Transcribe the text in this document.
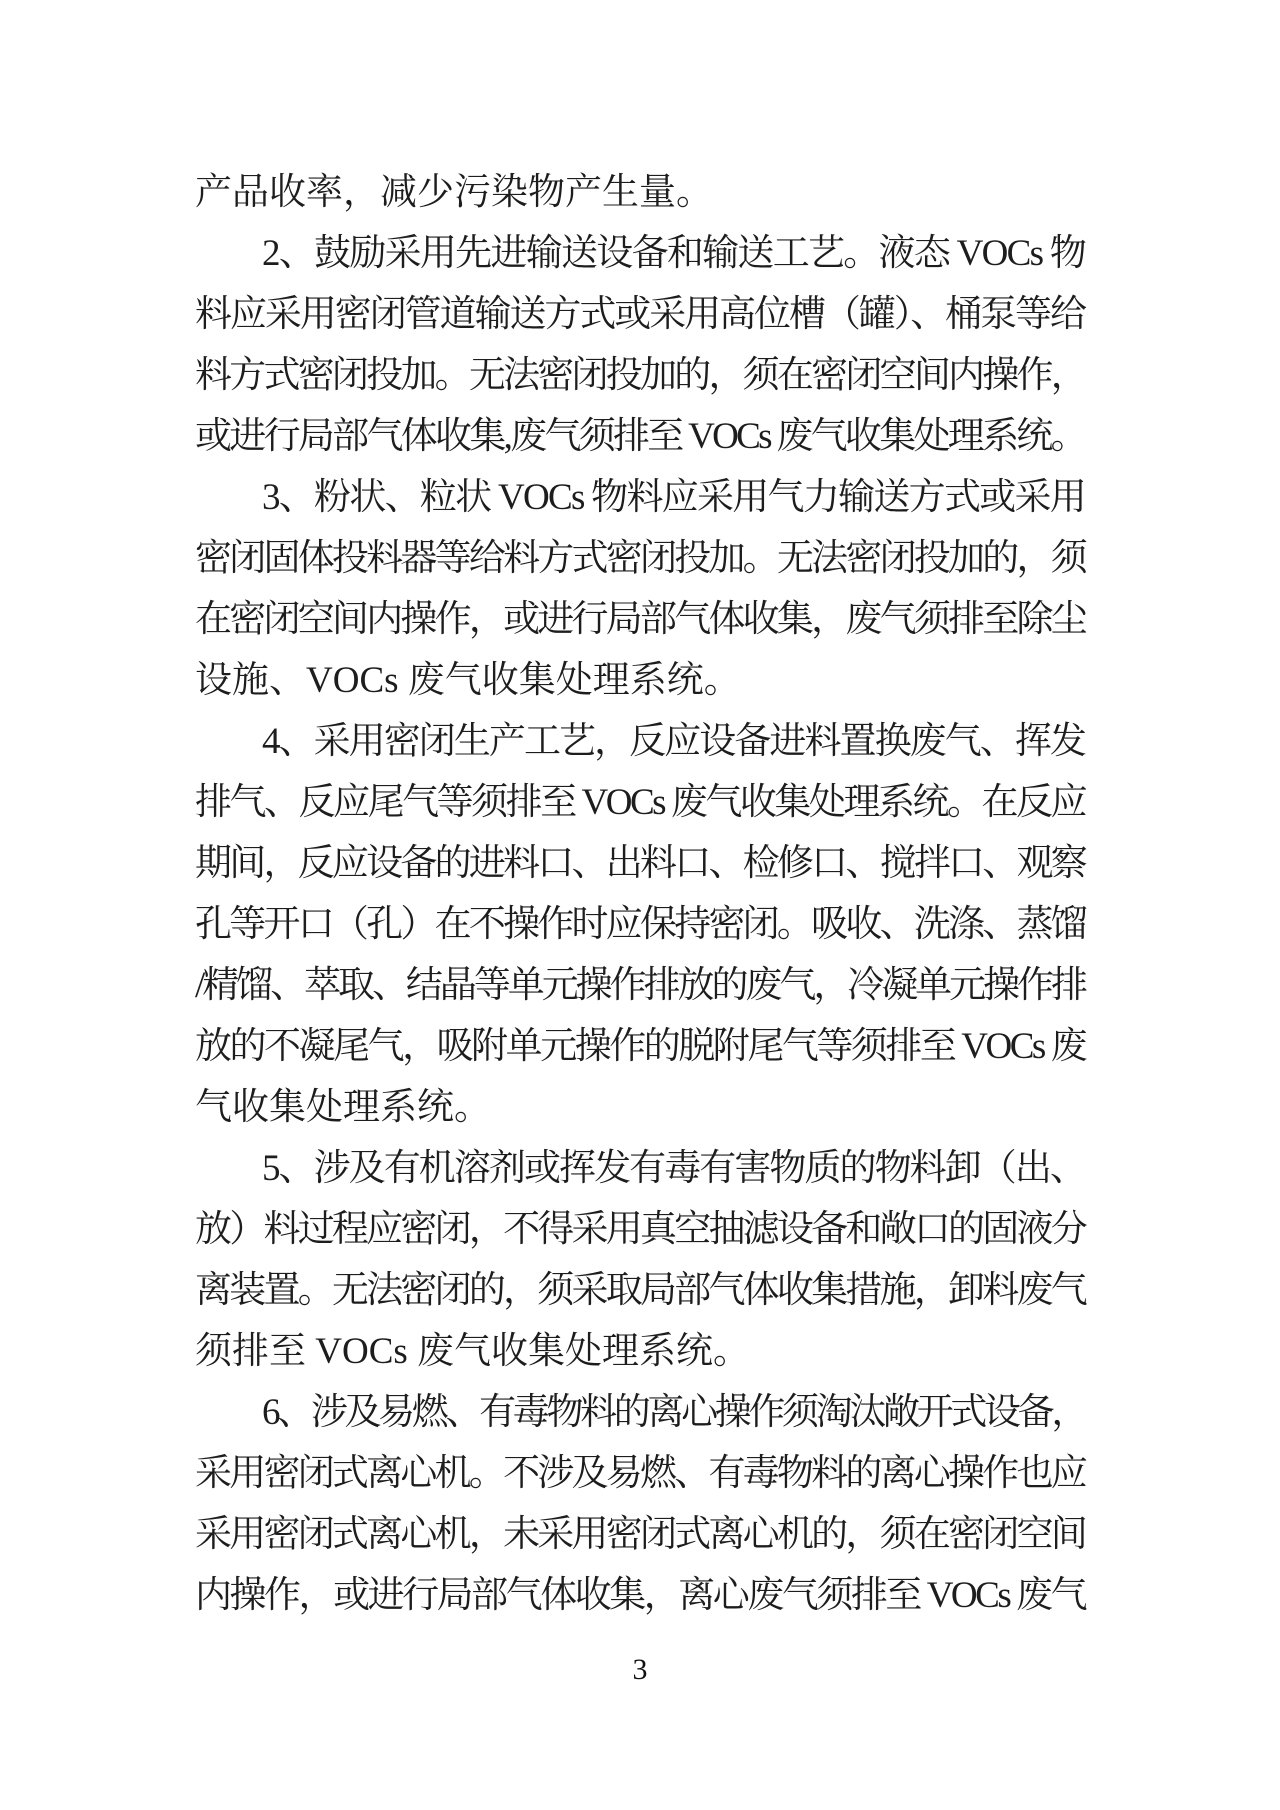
产品收率，减少污染物产生量。
2、鼓励采用先进输送设备和输送工艺。液态 VOCs 物
料应采用密闭管道输送方式或采用高位槽（罐）、桶泵等给
料方式密闭投加。无法密闭投加的，须在密闭空间内操作，
或进行局部气体收集,废气须排至 VOCs 废气收集处理系统。
3、粉状、粒状 VOCs 物料应采用气力输送方式或采用
密闭固体投料器等给料方式密闭投加。无法密闭投加的，须
在密闭空间内操作，或进行局部气体收集，废气须排至除尘
设施、VOCs 废气收集处理系统。
4、采用密闭生产工艺，反应设备进料置换废气、挥发
排气、反应尾气等须排至 VOCs 废气收集处理系统。在反应
期间，反应设备的进料口、出料口、检修口、搅拌口、观察
孔等开口（孔）在不操作时应保持密闭。吸收、洗涤、蒸馏
/精馏、萃取、结晶等单元操作排放的废气，冷凝单元操作排
放的不凝尾气，吸附单元操作的脱附尾气等须排至 VOCs 废
气收集处理系统。
5、涉及有机溶剂或挥发有毒有害物质的物料卸（出、
放）料过程应密闭，不得采用真空抽滤设备和敞口的固液分
离装置。无法密闭的，须采取局部气体收集措施，卸料废气
须排至 VOCs 废气收集处理系统。
6、涉及易燃、有毒物料的离心操作须淘汰敞开式设备，
采用密闭式离心机。不涉及易燃、有毒物料的离心操作也应
采用密闭式离心机，未采用密闭式离心机的，须在密闭空间
内操作，或进行局部气体收集，离心废气须排至 VOCs 废气
3
